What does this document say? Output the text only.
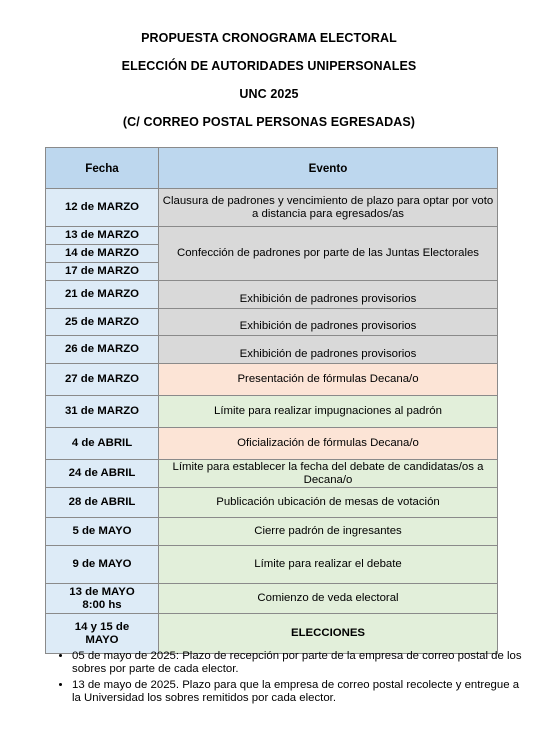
PROPUESTA CRONOGRAMA ELECTORAL
ELECCIÓN DE AUTORIDADES UNIPERSONALES
UNC 2025
(C/ CORREO POSTAL PERSONAS EGRESADAS)
Fecha	Evento
12 de MARZO	Clausura de padrones y vencimiento de plazo para optar por voto a distancia para egresados/as
13 de MARZO	Confección de padrones por parte de las Juntas Electorales
14 de MARZO	
17 de MARZO	
21 de MARZO	Exhibición de padrones provisorios
25 de MARZO	Exhibición de padrones provisorios
26 de MARZO	Exhibición de padrones provisorios
27 de MARZO	Presentación de fórmulas Decana/o
31 de MARZO	Límite para realizar impugnaciones al padrón
4 de ABRIL	Oficialización de fórmulas Decana/o
24 de ABRIL	Límite para establecer la fecha del debate de candidatas/os a Decana/o
28 de ABRIL	Publicación ubicación de mesas de votación
5 de MAYO	Cierre padrón de ingresantes
9 de MAYO	Límite para realizar el debate
13 de MAYO 8:00 hs	Comienzo de veda electoral
14 y 15 de MAYO	ELECCIONES
• 05 de mayo de 2025: Plazo de recepción por parte de la empresa de correo postal de los sobres por parte de cada elector.
• 13 de mayo de 2025. Plazo para que la empresa de correo postal recolecte y entregue a la Universidad los sobres remitidos por cada elector.
